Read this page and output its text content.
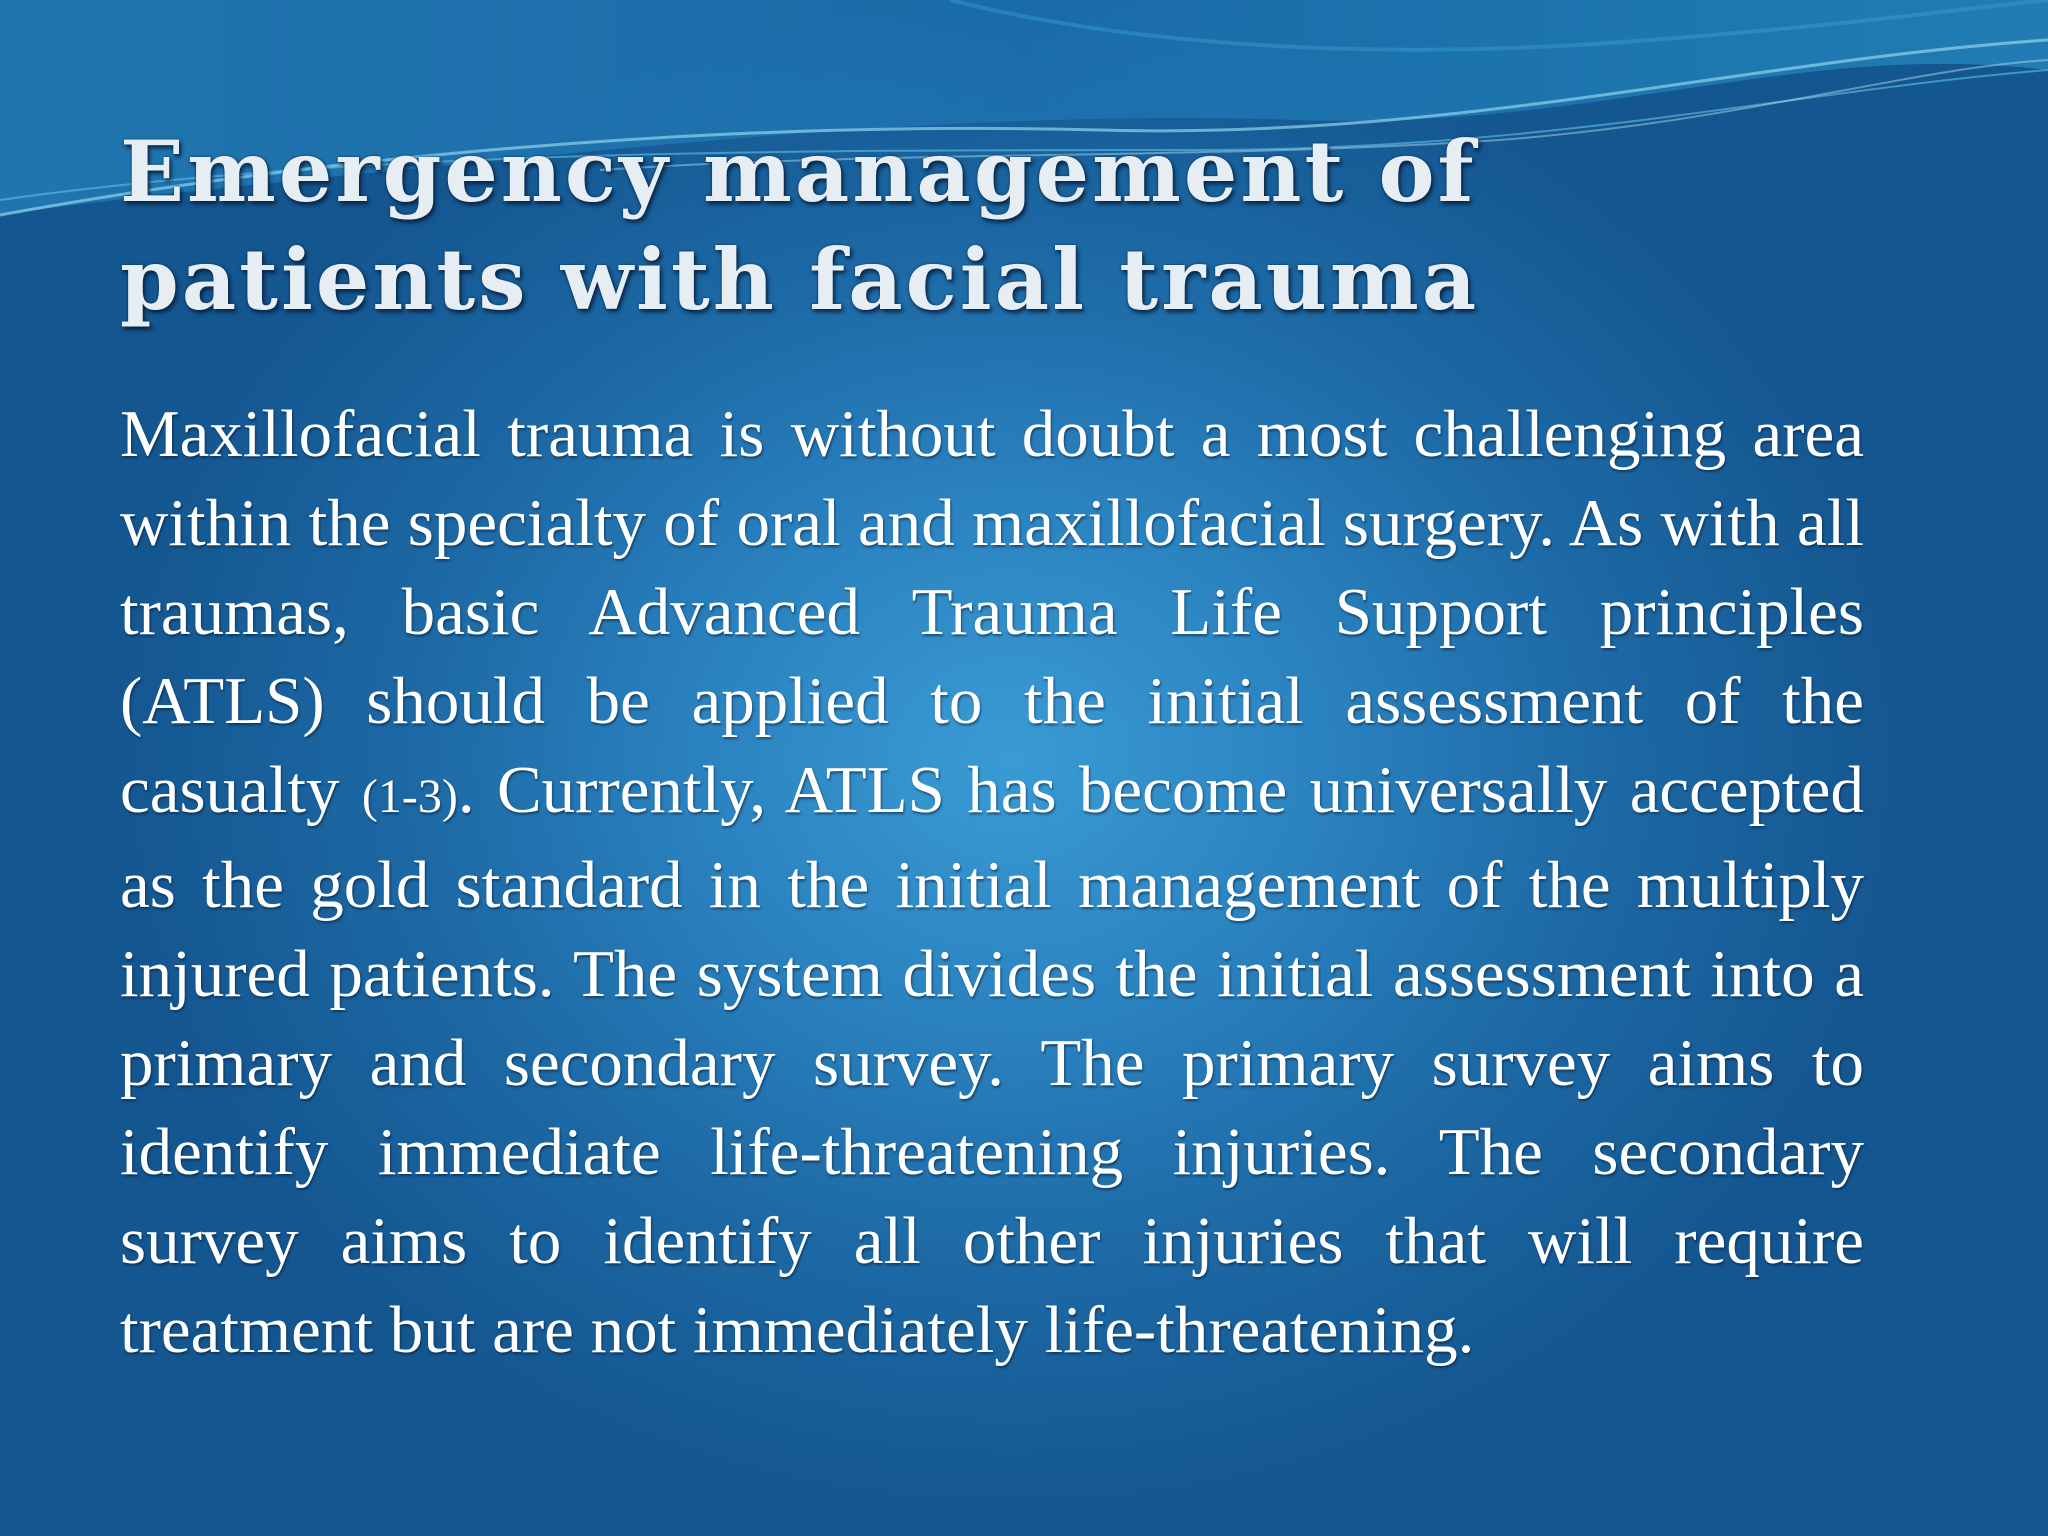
Emergency management of patients with facial trauma

Maxillofacial trauma is without doubt a most challenging area within the specialty of oral and maxillofacial surgery. As with all traumas, basic Advanced Trauma Life Support principles (ATLS) should be applied to the initial assessment of the casualty (1-3). Currently, ATLS has become universally accepted as the gold standard in the initial management of the multiply injured patients. The system divides the initial assessment into a primary and secondary survey. The primary survey aims to identify immediate life-threatening injuries. The secondary survey aims to identify all other injuries that will require treatment but are not immediately life-threatening.
